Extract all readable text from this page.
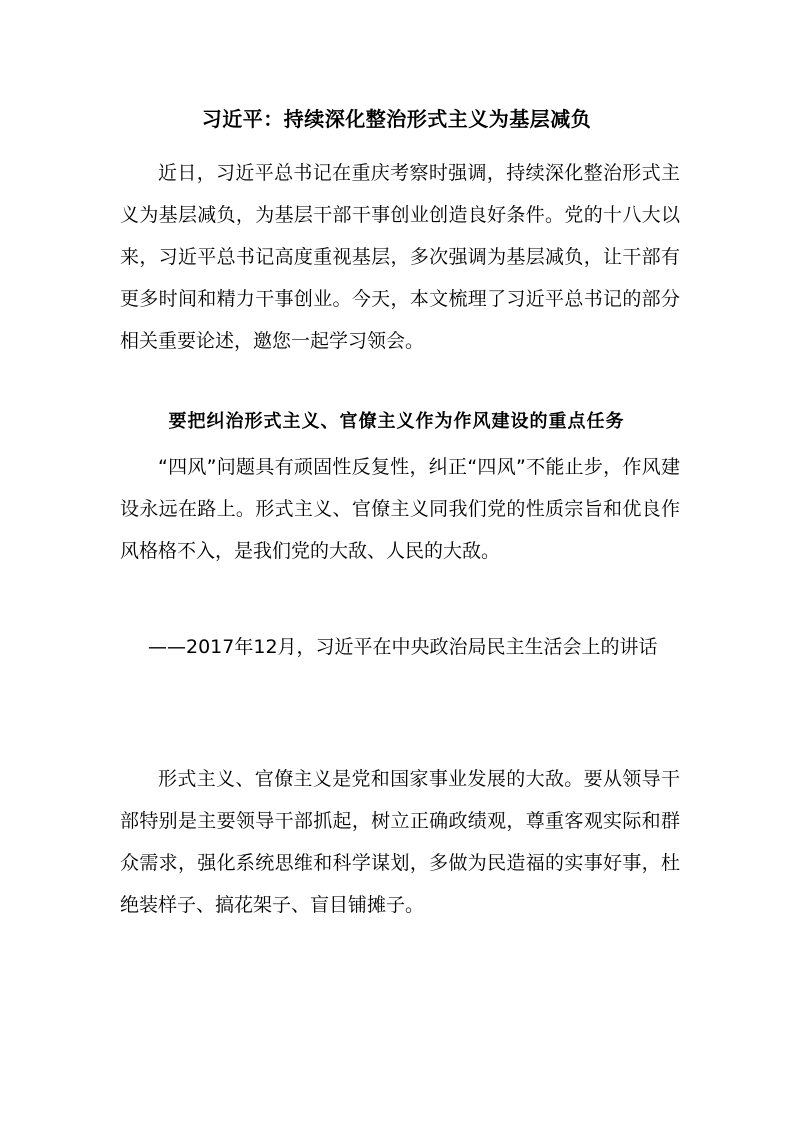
习近平：持续深化整治形式主义为基层减负

近日，习近平总书记在重庆考察时强调，持续深化整治形式主义为基层减负，为基层干部干事创业创造良好条件。党的十八大以来，习近平总书记高度重视基层，多次强调为基层减负，让干部有更多时间和精力干事创业。今天，本文梳理了习近平总书记的部分相关重要论述，邀您一起学习领会。

要把纠治形式主义、官僚主义作为作风建设的重点任务

“四风”问题具有顽固性反复性，纠正“四风”不能止步，作风建设永远在路上。形式主义、官僚主义同我们党的性质宗旨和优良作风格格不入，是我们党的大敌、人民的大敌。

——2017年12月，习近平在中央政治局民主生活会上的讲话

形式主义、官僚主义是党和国家事业发展的大敌。要从领导干部特别是主要领导干部抓起，树立正确政绩观，尊重客观实际和群众需求，强化系统思维和科学谋划，多做为民造福的实事好事，杜绝装样子、搞花架子、盲目铺摊子。
